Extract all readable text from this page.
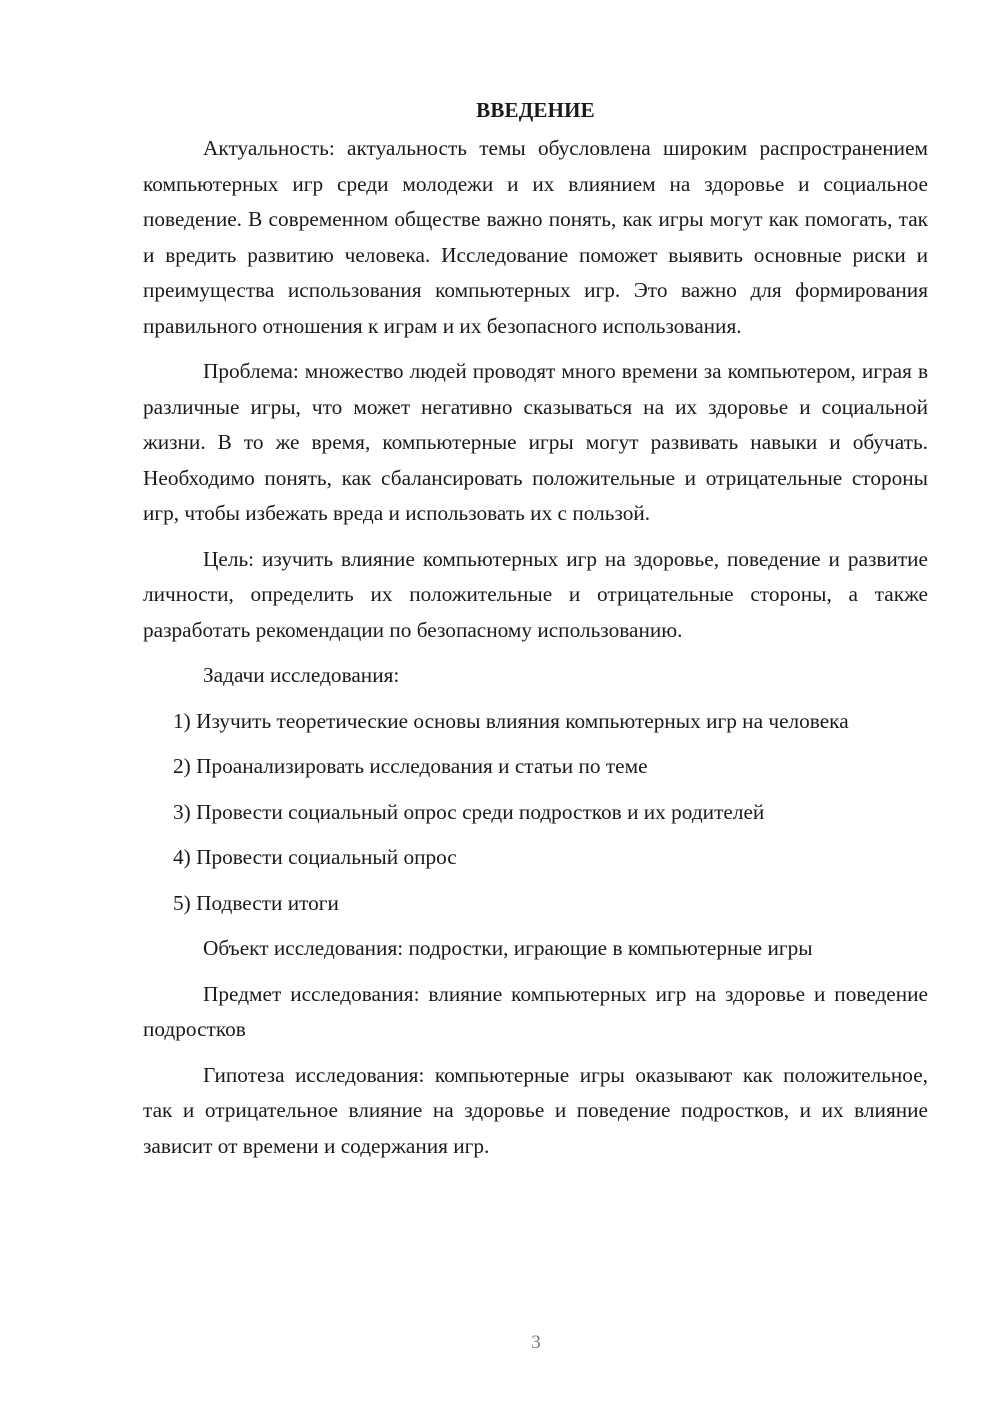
ВВЕДЕНИЕ

Актуальность: актуальность темы обусловлена широким распространением компьютерных игр среди молодежи и их влиянием на здоровье и социальное поведение. В современном обществе важно понять, как игры могут как помогать, так и вредить развитию человека. Исследование поможет выявить основные риски и преимущества использования компьютерных игр. Это важно для формирования правильного отношения к играм и их безопасного использования.

Проблема: множество людей проводят много времени за компьютером, играя в различные игры, что может негативно сказываться на их здоровье и социальной жизни. В то же время, компьютерные игры могут развивать навыки и обучать. Необходимо понять, как сбалансировать положительные и отрицательные стороны игр, чтобы избежать вреда и использовать их с пользой.

Цель: изучить влияние компьютерных игр на здоровье, поведение и развитие личности, определить их положительные и отрицательные стороны, а также разработать рекомендации по безопасному использованию.

Задачи исследования:

1) Изучить теоретические основы влияния компьютерных игр на человека

2) Проанализировать исследования и статьи по теме

3) Провести социальный опрос среди подростков и их родителей

4) Провести социальный опрос

5) Подвести итоги

Объект исследования: подростки, играющие в компьютерные игры

Предмет исследования: влияние компьютерных игр на здоровье и поведение подростков

Гипотеза исследования: компьютерные игры оказывают как положительное, так и отрицательное влияние на здоровье и поведение подростков, и их влияние зависит от времени и содержания игр.

3
